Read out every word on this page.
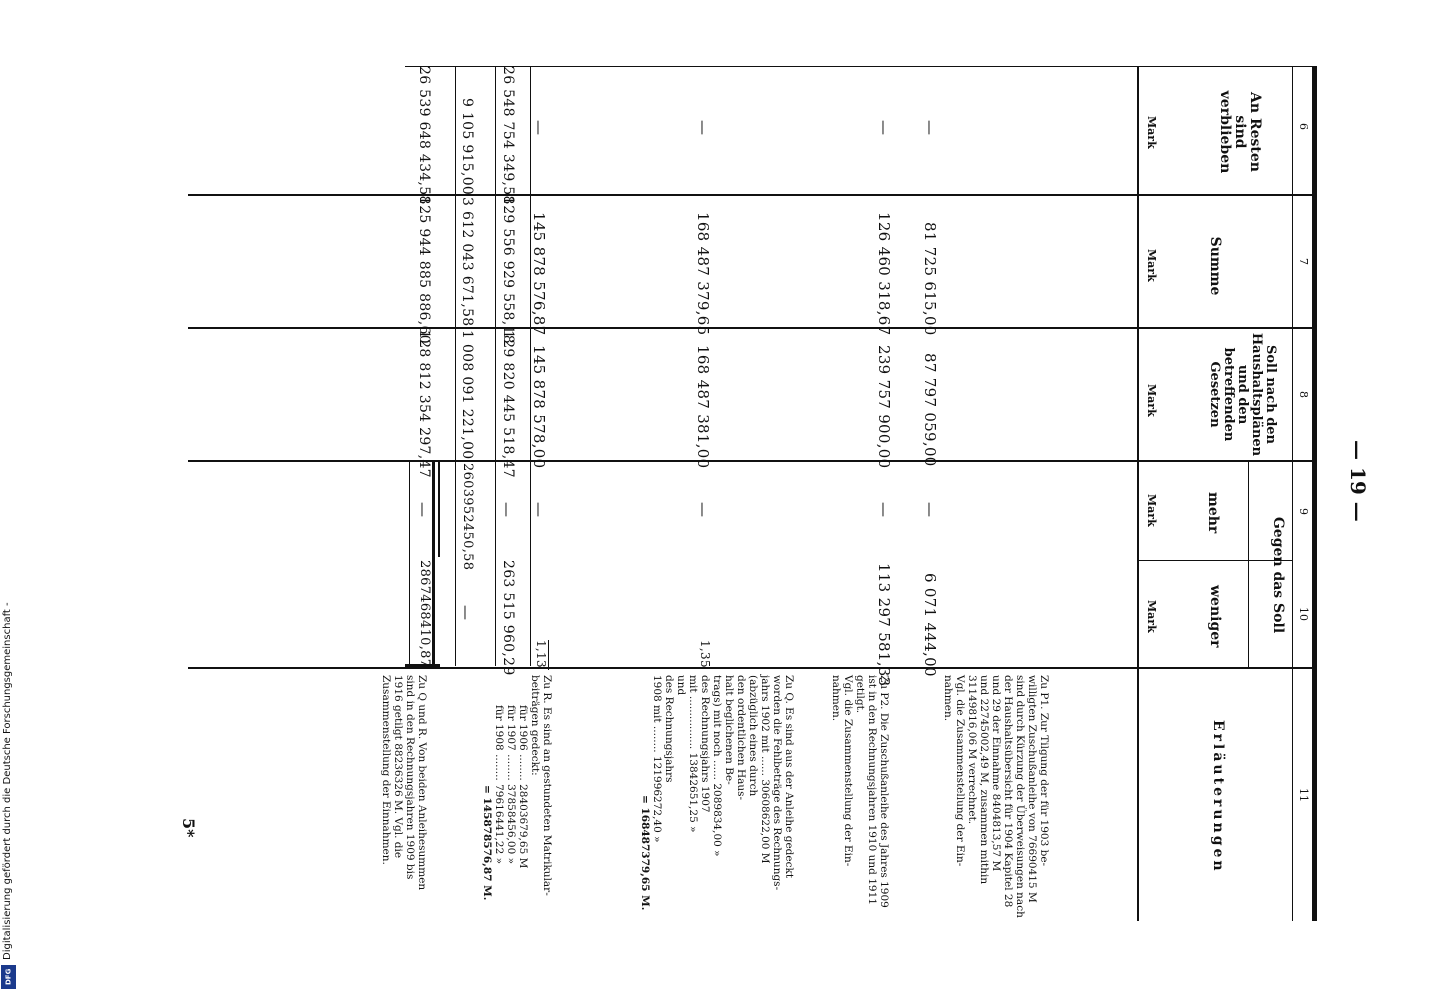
— 19 —
5*
Digitalisierung gefördert durch die Deutsche Forschungsgemeinschaft -
DFG
6
7
8
9
10
11
An Resten sind verblieben
Summe
Soll nach den Haushaltsplänen und den betreffenden Gesetzen
Gegen das Soll
mehr
weniger
Erläuterungen
Mark
Mark
Mark
Mark
Mark
—
81 725 615,00
87 797 059,00
—
6 071 444,00
—
126 460 318,67
239 757 900,00
—
113 297 581,33
—
168 487 379,65
168 487 381,00
—
1,35
—
145 878 576,87
145 878 578,00
—
1,13
26 548 754 349,58
129 556 929 558,18
129 820 445 518,47
—
263 515 960,29
9 105 915,00
3 612 043 671,58
1 008 091 221,00
2603952450,58
—
26 539 648 434,58
125 944 885 886,60
128 812 354 297,47
—
2867468410,87
Zu P1. Zur Tilgung der für 1903 be-
willigten Zuschußanleihe von 76690415 M
sind durch Kürzung der Überweisungen nach
der Haushaltsübersicht für 1904 Kapitel 28
und 29 der Einnahme 8404813,57 M
und 22745002,49 M, zusammen mithin
31149816,06 M verrechnet.
Vgl. die Zusammenstellung der Ein-
nahmen.
Zu P2. Die Zuschußanleihe des Jahres 1909
ist in den Rechnungsjahren 1910 und 1911
getilgt.
Vgl. die Zusammenstellung der Ein-
nahmen.
Zu Q. Es sind aus der Anleihe gedeckt
worden die Fehlbeträge des Rechnungs-
jahrs 1902 mit ...... 30608622,00 M
(abzüglich eines durch
den ordentlichen Haus-
halt beglichenen Be-
trags) mit noch ...... 2089834,00 »
des Rechnungsjahrs 1907
mit ................ 13842651,25 »
und
des Rechnungsjahrs
1908 mit ........ 121996272,40 »
= 168487379,65 M.
Zu R. Es sind an gestundeten Matrikular-
beiträgen gedeckt:
für 1906 ........ 28403679,65 M
für 1907 ........ 37858456,00 »
für 1908 ........ 79616441,22 »
= 145878576,87 M.
Zu Q und R. Von beiden Anleihesummen
sind in den Rechnungsjahren 1909 bis
1916 getilgt 88236326 M. Vgl. die
Zusammenstellung der Einnahmen.
